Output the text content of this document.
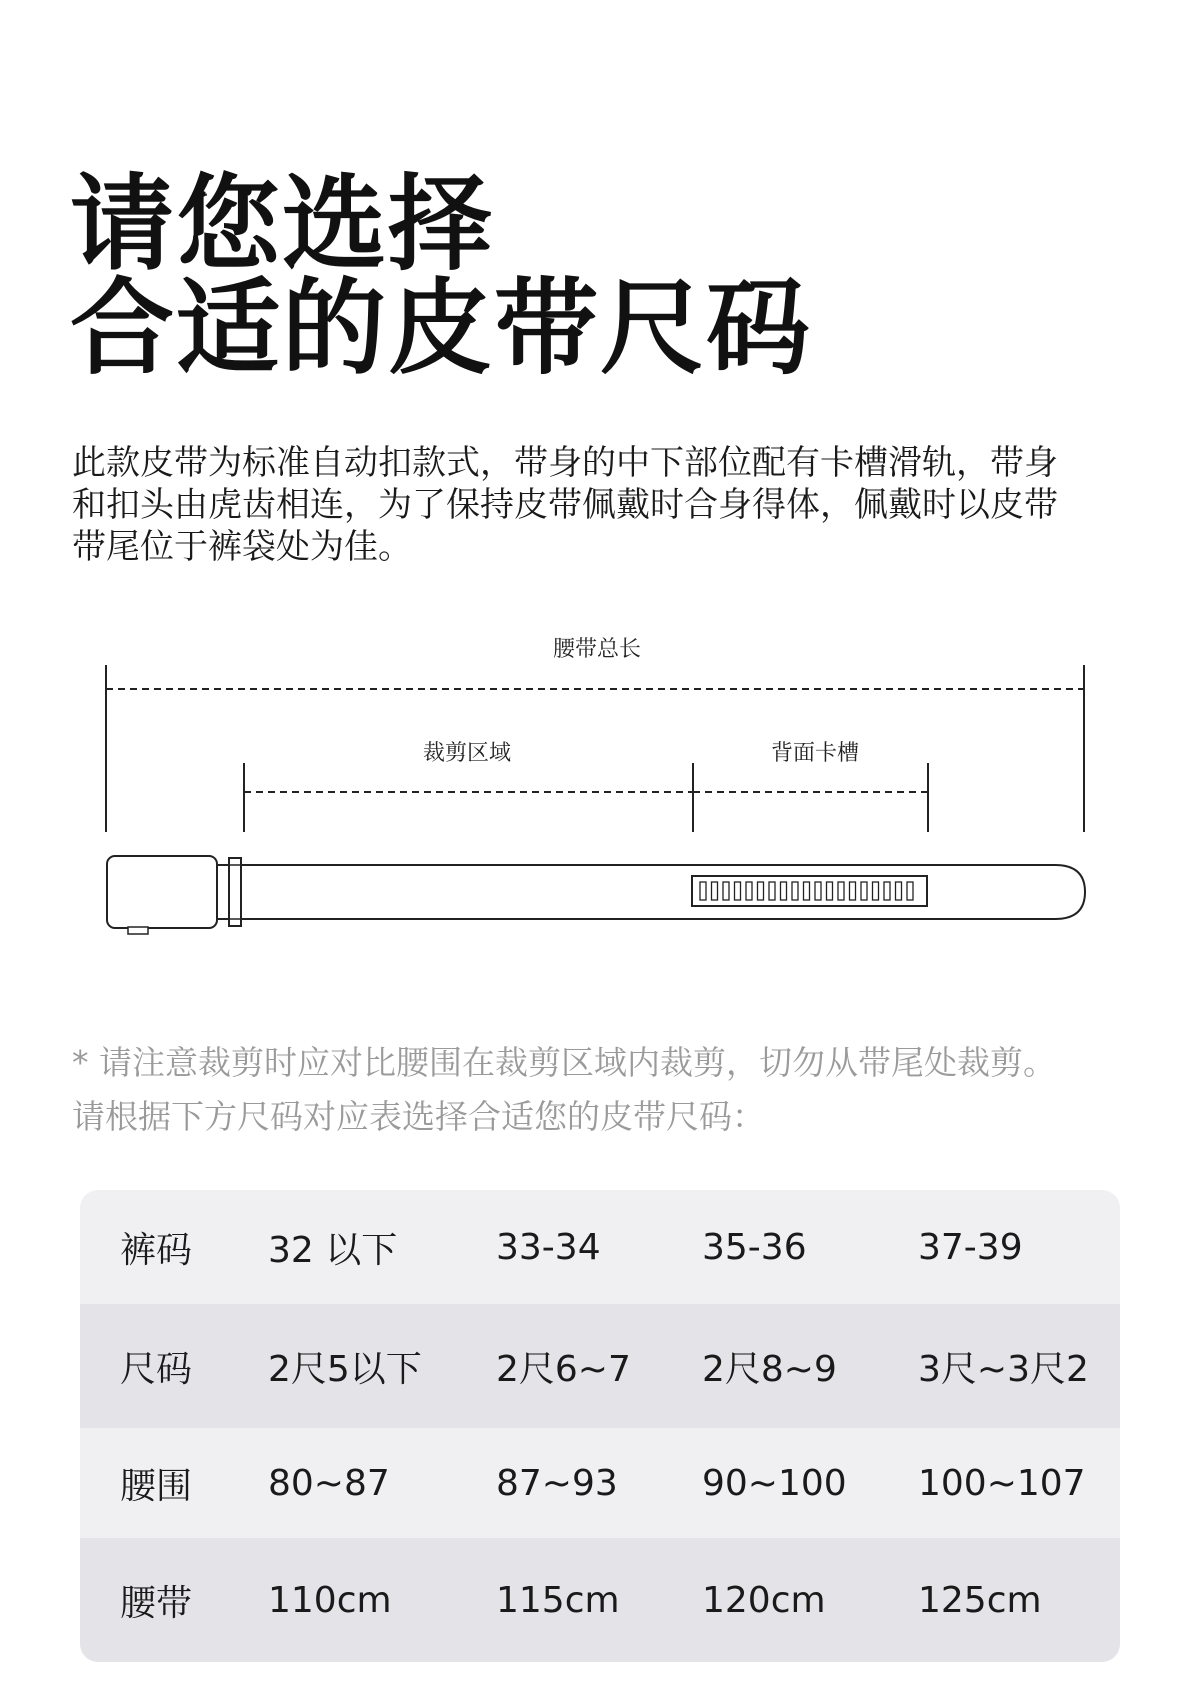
请您选择
合适的皮带尺码
此款皮带为标准自动扣款式，带身的中下部位配有卡槽滑轨，带身
和扣头由虎齿相连，为了保持皮带佩戴时合身得体，佩戴时以皮带
带尾位于裤袋处为佳。
腰带总长
裁剪区域	背面卡槽
* 请注意裁剪时应对比腰围在裁剪区域内裁剪，切勿从带尾处裁剪。
请根据下方尺码对应表选择合适您的皮带尺码：
裤码	32 以下	33-34	35-36	37-39
尺码	2尺5以下	2尺6~7	2尺8~9	3尺~3尺2
腰围	80~87	87~93	90~100	100~107
腰带	110cm	115cm	120cm	125cm
